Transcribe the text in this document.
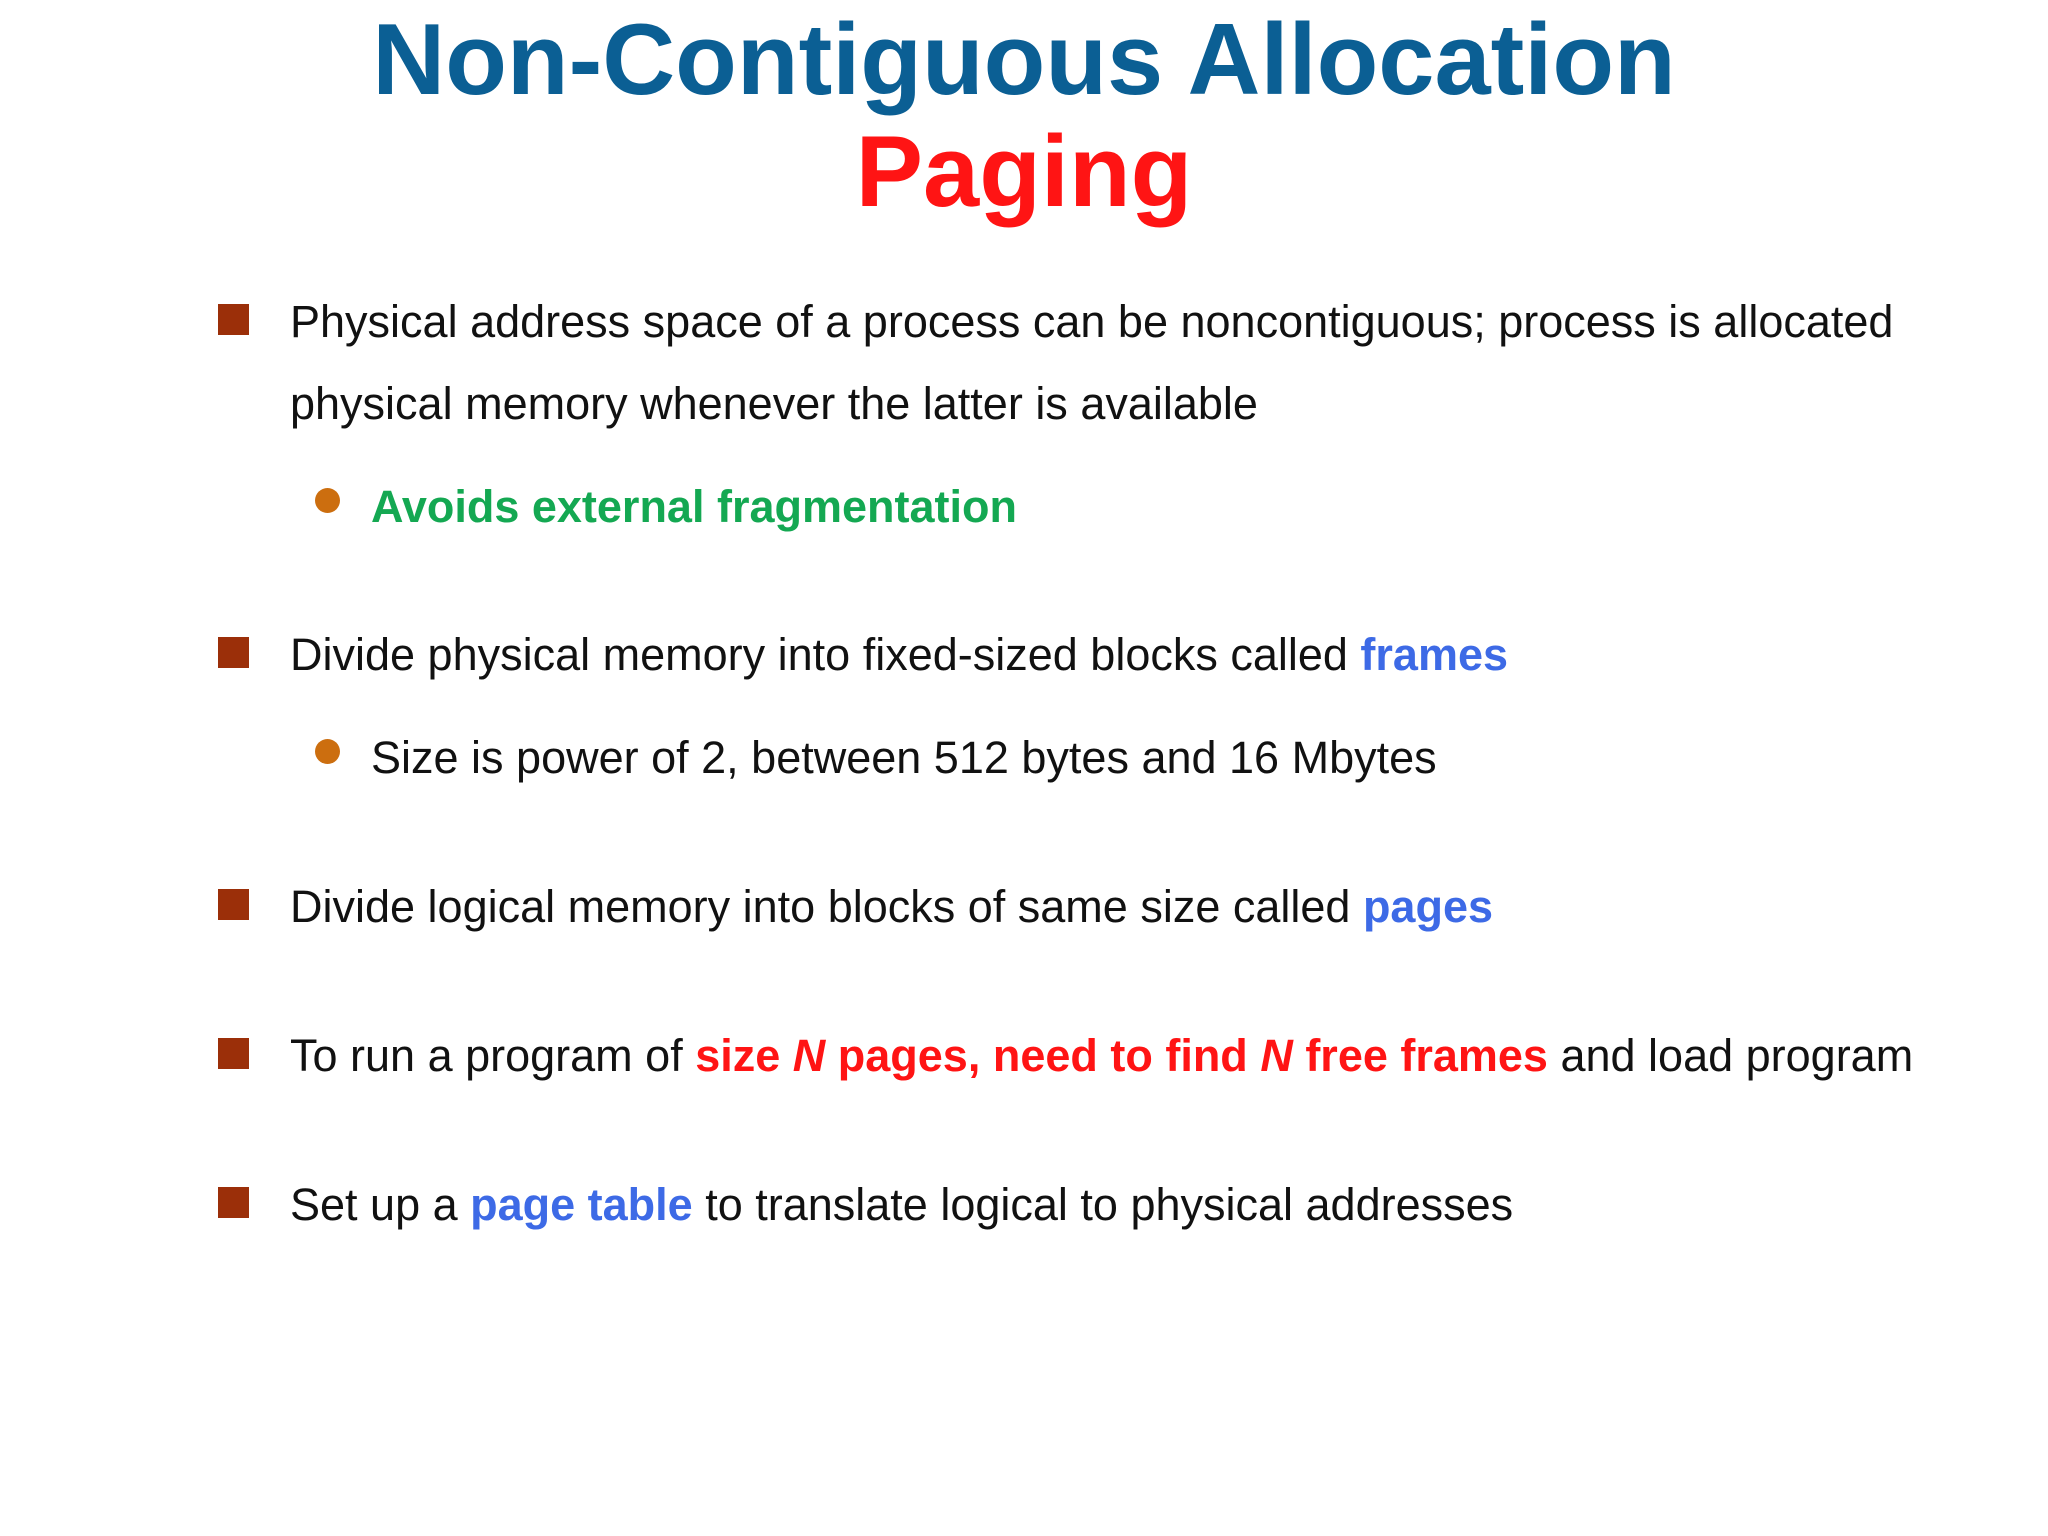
Non-Contiguous Allocation
Paging
Physical address space of a process can be noncontiguous; process is allocated
physical memory whenever the latter is available
Avoids external fragmentation
Divide physical memory into fixed-sized blocks called frames
Size is power of 2, between 512 bytes and 16 Mbytes
Divide logical memory into blocks of same size called pages
To run a program of size N pages, need to find N free frames and load program
Set up a page table to translate logical to physical addresses
